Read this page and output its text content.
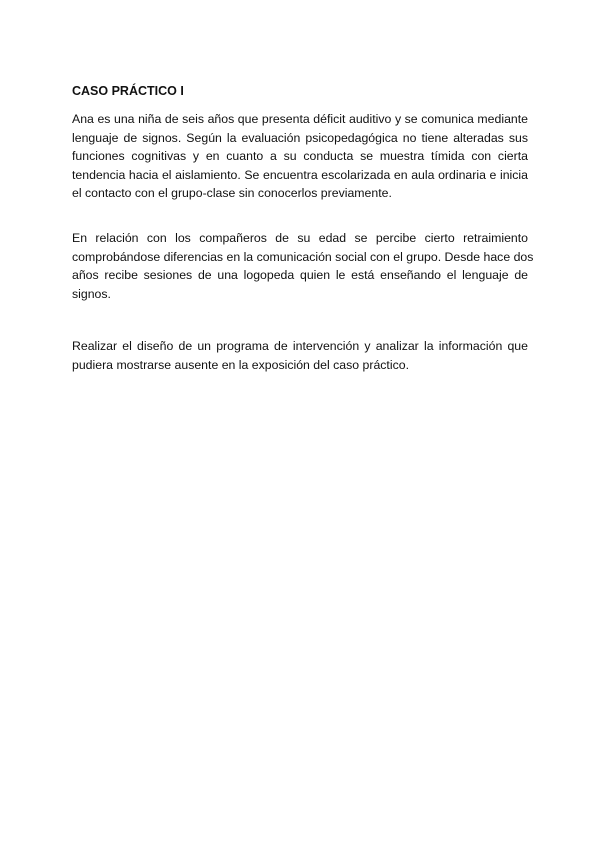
CASO PRÁCTICO I
Ana es una niña de seis años que presenta déficit auditivo y se comunica mediante
lenguaje de signos. Según la evaluación psicopedagógica no tiene alteradas sus
funciones cognitivas y en cuanto a su conducta se muestra tímida con cierta
tendencia hacia el aislamiento. Se encuentra escolarizada en aula ordinaria e inicia
el contacto con el grupo-clase sin conocerlos previamente.
En relación con los compañeros de su edad se percibe cierto retraimiento
comprobándose diferencias en la comunicación social con el grupo. Desde hace dos
años recibe sesiones de una logopeda quien le está enseñando el lenguaje de
signos.
Realizar el diseño de un programa de intervención y analizar la información que
pudiera mostrarse ausente en la exposición del caso práctico.
